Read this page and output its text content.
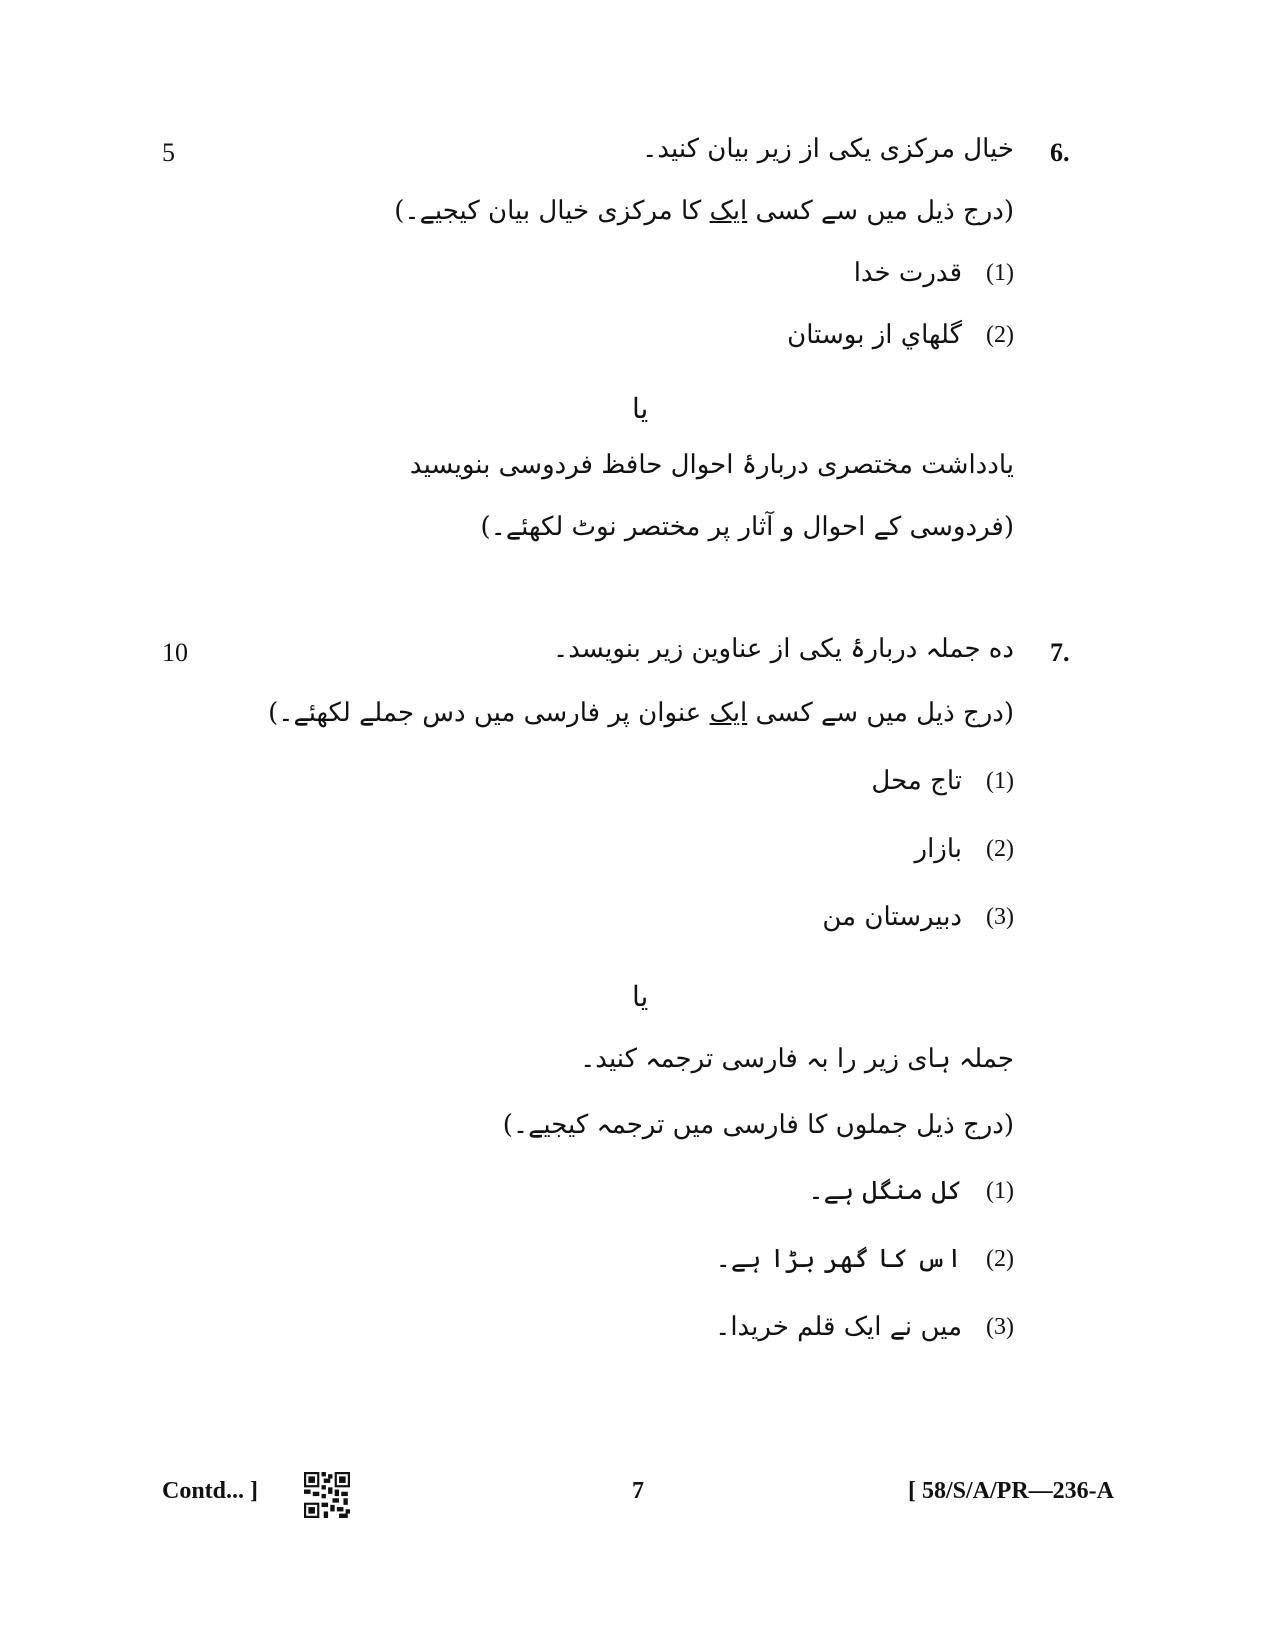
5	6.
خیال مرکزی یکی از زیر بیان کنید۔
(درج ذیل میں سے کسی ایک کا مرکزی خیال بیان کیجیے۔)
(1)
قدرت خدا
(2)
گلھاي از بوستان
یا
یادداشت مختصری دربارۂ احوال حافظ فردوسی بنویسید
(فردوسی کے احوال و آثار پر مختصر نوٹ لکھئے۔)
10	7.
ده جملہ دربارۂ یکی از عناوین زیر بنویسد۔
(درج ذیل میں سے کسی ایک عنوان پر فارسی میں دس جملے لکھئے۔)
(1)
تاج محل
(2)
بازار
(3)
دبیرستان من
یا
جملہ ہای زیر را بہ فارسی ترجمہ کنید۔
(درج ذیل جملوں کا فارسی میں ترجمہ کیجیے۔)
(1)
کل منگل ہے۔
(2)
اس کا گھر بڑا ہے۔
(3)
میں نے ایک قلم خریدا۔
Contd... ]	7	[ 58/S/A/PR—236-A
